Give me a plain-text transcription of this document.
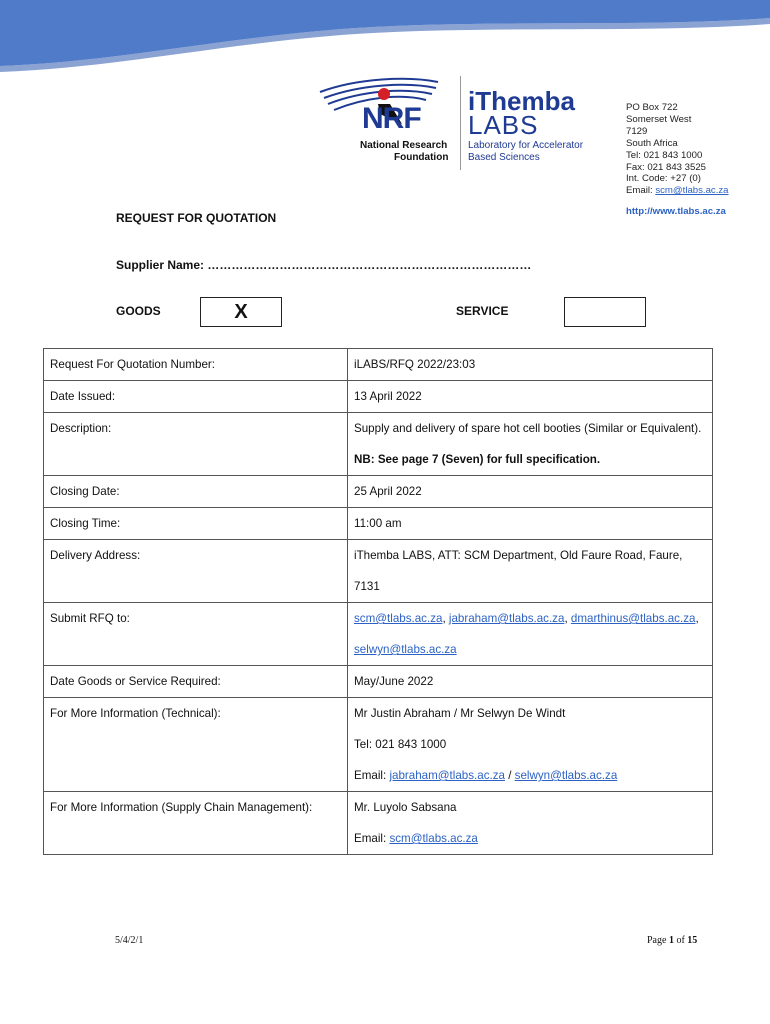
NRF
National Research
Foundation
iThemba
LABS
Laboratory for Accelerator
Based Sciences
PO Box 722
Somerset West
7129
South Africa
Tel: 021 843 1000
Fax: 021 843 3525
Int. Code: +27 (0)
Email: scm@tlabs.ac.za
http://www.tlabs.ac.za
REQUEST FOR QUOTATION
Supplier Name: ………………………………………………………………………
GOODS	X	SERVICE

Request For Quotation Number:	iLABS/RFQ 2022/23:03

Date Issued:	13 April 2022

Description:	Supply and delivery of spare hot cell booties (Similar or Equivalent).

NB: See page 7 (Seven) for full specification.

Closing Date:	25 April 2022

Closing Time:	11:00 am

Delivery Address:	iThemba LABS, ATT: SCM Department, Old Faure Road, Faure,

7131

Submit RFQ to:	scm@tlabs.ac.za, jabraham@tlabs.ac.za, dmarthinus@tlabs.ac.za,

selwyn@tlabs.ac.za

Date Goods or Service Required:	May/June 2022

For More Information (Technical):	Mr Justin Abraham / Mr Selwyn De Windt

Tel: 021 843 1000

Email: jabraham@tlabs.ac.za / selwyn@tlabs.ac.za

For More Information (Supply Chain Management):	Mr. Luyolo Sabsana

Email: scm@tlabs.ac.za

5/4/2/1	Page 1 of 15
